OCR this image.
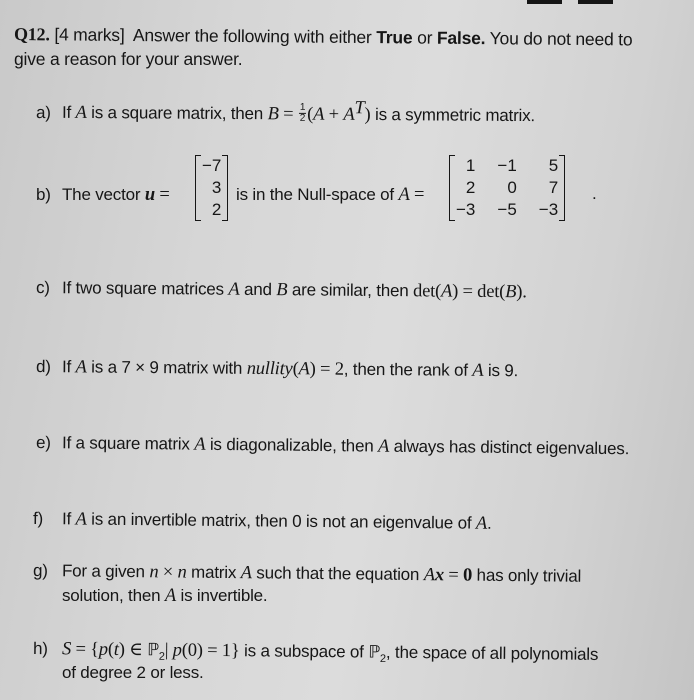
Q12. [4 marks] Answer the following with either True or False. You do not need to
give a reason for your answer.
a) If A is a square matrix, then $B = \frac{1}{2} (A + A^T)$ is a symmetric matrix.
b) The vector u =
−7
3
2
is in the Null-space of A =
1 −1	5
2	0	7
−3 −5 −3
.
c) If two square matrices A and B are similar, then det(A) = det(B).
d) If A is a 7 × 9 matrix with nullity(A) = 2, then the rank of A is 9.
e) If a square matrix A is diagonalizable, then A always has distinct eigenvalues.
f) If A is an invertible matrix, then 0 is not an eigenvalue of A.
g) For a given n × n matrix A such that the equation Ax = 0 has only trivial
solution, then A is invertible.
h) S = {p(t) ∈ ℙ$_2$| p(0) = 1} is a subspace of ℙ$_2$, the space of all polynomials
of degree 2 or less.
